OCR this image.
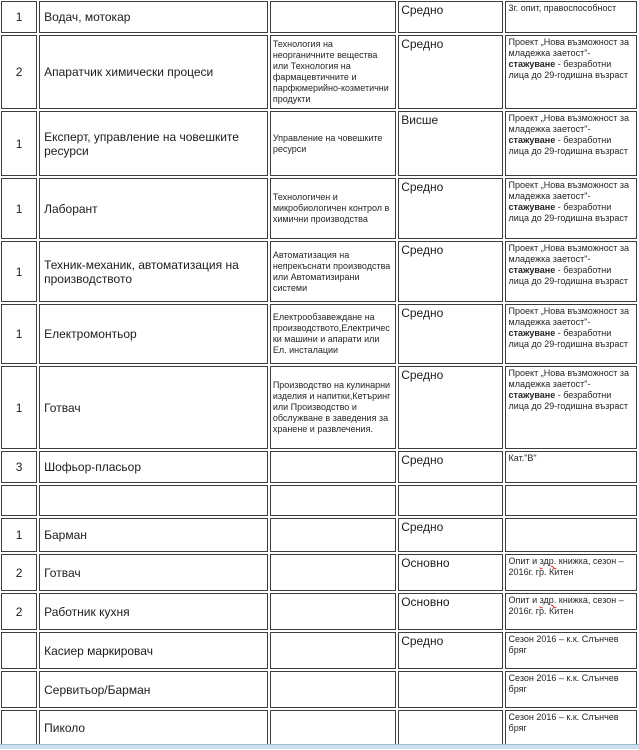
1	Водач, мотокар		Средно	3г. опит, правоспособност
2	Апаратчик химически процеси	Технология на неорганичните вещества или Технология на фармацевтичните и парфюмерийно-козметични продукти	Средно	Проект „Нова възможност за младежка заетост"- стажуване - безработни лица до 29-годишна възраст
1	Експерт, управление на човешките ресурси	Управление на човешките ресурси	Висше	Проект „Нова възможност за младежка заетост"- стажуване - безработни лица до 29-годишна възраст
1	Лаборант	Технологичен и микробиологичен контрол в химични производства	Средно	Проект „Нова възможност за младежка заетост"- стажуване - безработни лица до 29-годишна възраст
1	Техник-механик, автоматизация на производството	Автоматизация на непрекъснати производства или Автоматизирани системи	Средно	Проект „Нова възможност за младежка заетост"- стажуване - безработни лица до 29-годишна възраст
1	Електромонтьор	Електрообзавеждане на производството,Електрически машини и апарати или Ел. инсталации	Средно	Проект „Нова възможност за младежка заетост"- стажуване - безработни лица до 29-годишна възраст
1	Готвач	Производство на кулинарни изделия и напитки,Кетъринг или Производство и обслужване в заведения за хранене и развлечения.	Средно	Проект „Нова възможност за младежка заетост"- стажуване - безработни лица до 29-годишна възраст
3	Шофьор-пласьор		Средно	Кат."В"

1	Барман		Средно	
2	Готвач		Основно	Опит и здр. книжка, сезон – 2016г. гр. Китен
2	Работник кухня		Основно	Опит и здр. книжка, сезон – 2016г. гр. Китен
	Касиер маркировач		Средно	Сезон 2016 – к.к. Слънчев бряг
	Сервитьор/Барман			Сезон 2016 – к.к. Слънчев бряг
	Пиколо			Сезон 2016 – к.к. Слънчев бряг
